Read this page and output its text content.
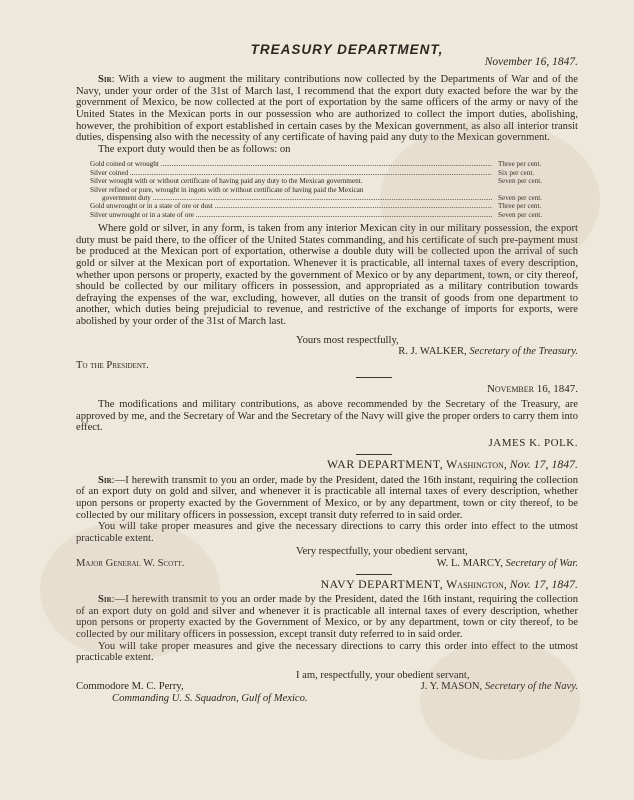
TREASURY DEPARTMENT,
November 16, 1847.

Sir: With a view to augment the military contributions now collected by the Departments of War and of the Navy, under your order of the 31st of March last, I recommend that the export duty exacted before the war by the government of Mexico, be now collected at the port of exportation by the same officers of the army or navy of the United States in the Mexican ports in our possession who are authorized to collect the import duties, abolishing, however, the prohibition of export established in certain cases by the Mexican government, as also all interior transit duties, dispensing also with the necessity of any certificate of having paid any duty to the Mexican government.

The export duty would then be as follows: on

Gold coined or wrought .....	Three per cent.
Silver coined .....	Six per cent.
Silver wrought with or without certificate of having paid any duty to the Mexican government.	Seven per cent.
Silver refined or pure, wrought in ingots with or without certificate of having paid the Mexican
government duty .....	Seven per cent.
Gold unwrought or in a state of ore or dust .....	Three per cent.
Silver unwrought or in a state of ore .....	Seven per cent.

Where gold or silver, in any form, is taken from any interior Mexican city in our military possession, the export duty must be paid there, to the officer of the United States commanding, and his certificate of such pre-payment must be produced at the Mexican port of exportation, otherwise a double duty will be collected upon the arrival of such gold or silver at the Mexican port of exportation. Whenever it is practicable, all internal taxes of every description, whether upon persons or property, exacted by the government of Mexico or by any department, town, or city thereof, should be collected by our military officers in possession, and appropriated as a military contribution towards defraying the expenses of the war, excluding, however, all duties on the transit of goods from one department to another, which duties being prejudicial to revenue, and restrictive of the exchange of imports for exports, were abolished by your order of the 31st of March last.

Yours most respectfully,
R. J. WALKER, Secretary of the Treasury.
To the President.
November 16, 1847.

The modifications and military contributions, as above recommended by the Secretary of the Treasury, are approved by me, and the Secretary of War and the Secretary of the Navy will give the proper orders to carry them into effect.

JAMES K. POLK.
WAR DEPARTMENT, Washington, Nov. 17, 1847.

Sir:—I herewith transmit to you an order, made by the President, dated the 16th instant, requiring the collection of an export duty on gold and silver, and whenever it is practicable all internal taxes of every description, whether upon persons or property exacted by the Government of Mexico, or by any department, town or city thereof, to be collected by our military officers in possession, except transit duty referred to in said order.

You will take proper measures and give the necessary directions to carry this order into effect to the utmost practicable extent.

Very respectfully, your obedient servant,
Major General W. Scott.	W. L. MARCY, Secretary of War.
NAVY DEPARTMENT, Washington, Nov. 17, 1847.

Sir:—I herewith transmit to you an order made by the President, dated the 16th instant, requiring the collection of an export duty on gold and silver and whenever it is practicable all internal taxes of every description, whether upon persons or property exacted by the Government of Mexico, or by any department, town or city thereof, to be collected by our military officers in possession, except transit duty referred to in said order.

You will take proper measures and give the necessary directions to carry this order into effect to the utmost practicable extent.

I am, respectfully, your obedient servant,
Commodore M. C. Perry,	J. Y. MASON, Secretary of the Navy.
Commanding U. S. Squadron, Gulf of Mexico.
